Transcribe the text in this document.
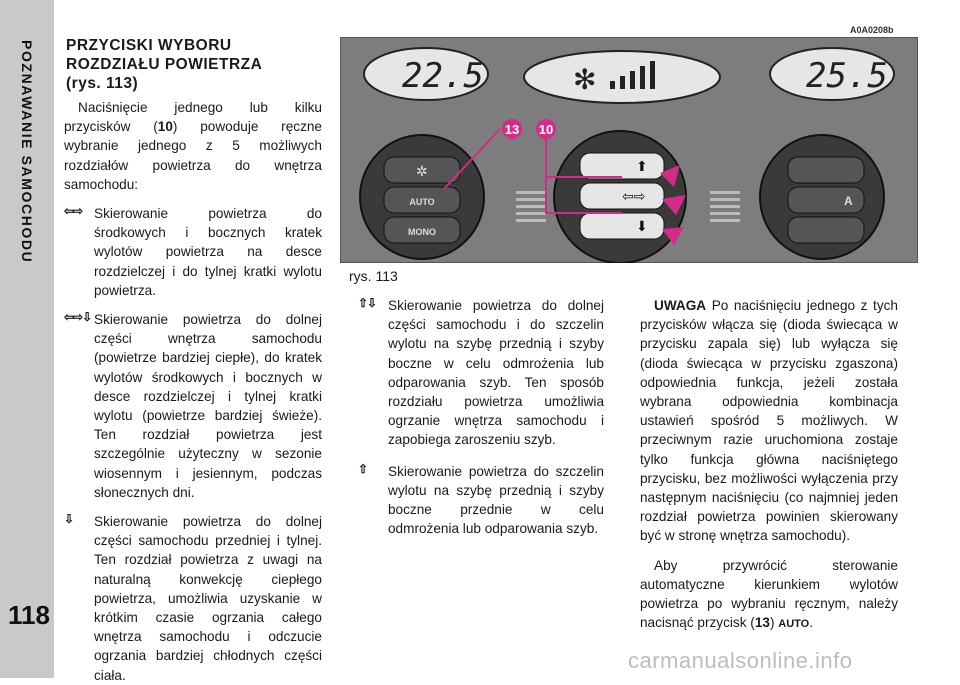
POZNAWANIE SAMOCHODU
118
PRZYCISKI WYBORU
ROZDZIAŁU POWIETRZA
(rys. 113)

Naciśnięcie jednego lub kilku przycisków (10) powoduje ręczne wybranie jednego z 5 możliwych rozdziałów powietrza do wnętrza samochodu:

⇦⇨ Skierowanie powietrza do środkowych i bocznych kratek wylotów powietrza na desce rozdzielczej i do tylnej kratki wylotu powietrza.
⇦⇨⇩ Skierowanie powietrza do dolnej części wnętrza samochodu (powietrze bardziej ciepłe), do kratek wylotów środkowych i bocznych w desce rozdzielczej i tylnej kratki wylotu (powietrze bardziej świeże). Ten rozdział powietrza jest szczególnie użyteczny w sezonie wiosennym i jesiennym, podczas słonecznych dni.
⇩ Skierowanie powietrza do dolnej części samochodu przedniej i tylnej. Ten rozdział powietrza z uwagi na naturalną konwekcję ciepłego powietrza, umożliwia uzyskanie w krótkim czasie ogrzania całego wnętrza samochodu i odczucie ogrzania bardziej chłodnych części ciała.
A0A0208b
22.5	✻	25.5
✲
AUTO
MONO
⬆
⇦⇨
⬇
A
13 10
rys. 113
⇧⇩ Skierowanie powietrza do dolnej części samochodu i do szczelin wylotu na szybę przednią i szyby boczne w celu odmrożenia lub odparowania szyb. Ten sposób rozdziału powietrza umożliwia ogrzanie wnętrza samochodu i zapobiega zaroszeniu szyb.
⇧ Skierowanie powietrza do szczelin wylotu na szybę przednią i szyby boczne przednie w celu odmrożenia lub odparowania szyb.

UWAGA Po naciśnięciu jednego z tych przycisków włącza się (dioda świecąca w przycisku zapala się) lub wyłącza się (dioda świecąca w przycisku zgaszona) odpowiednia funkcja, jeżeli została wybrana odpowiednia kombinacja ustawień spośród 5 możliwych. W przeciwnym razie uruchomiona zostaje tylko funkcja główna naciśniętego przycisku, bez możliwości wyłączenia przy następnym naciśnięciu (co najmniej jeden rozdział powietrza powinien skierowany być w stronę wnętrza samochodu).

Aby przywrócić sterowanie automatyczne kierunkiem wylotów powietrza po wybraniu ręcznym, należy nacisnąć przycisk (13) AUTO.

carmanualsonline.info
